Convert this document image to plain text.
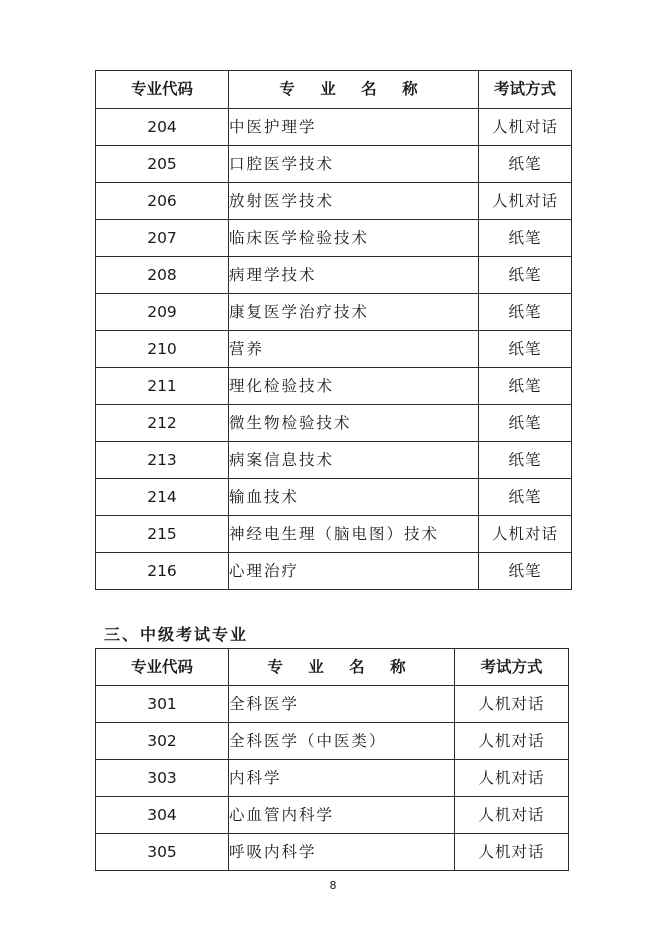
专业代码	专 业 名 称	考试方式
204	中医护理学	人机对话
205	口腔医学技术	纸笔
206	放射医学技术	人机对话
207	临床医学检验技术	纸笔
208	病理学技术	纸笔
209	康复医学治疗技术	纸笔
210	营养	纸笔
211	理化检验技术	纸笔
212	微生物检验技术	纸笔
213	病案信息技术	纸笔
214	输血技术	纸笔
215	神经电生理（脑电图）技术	人机对话
216	心理治疗	纸笔
三、中级考试专业
专业代码	专 业 名 称	考试方式
301	全科医学	人机对话
302	全科医学（中医类）	人机对话
303	内科学	人机对话
304	心血管内科学	人机对话
305	呼吸内科学	人机对话
8
